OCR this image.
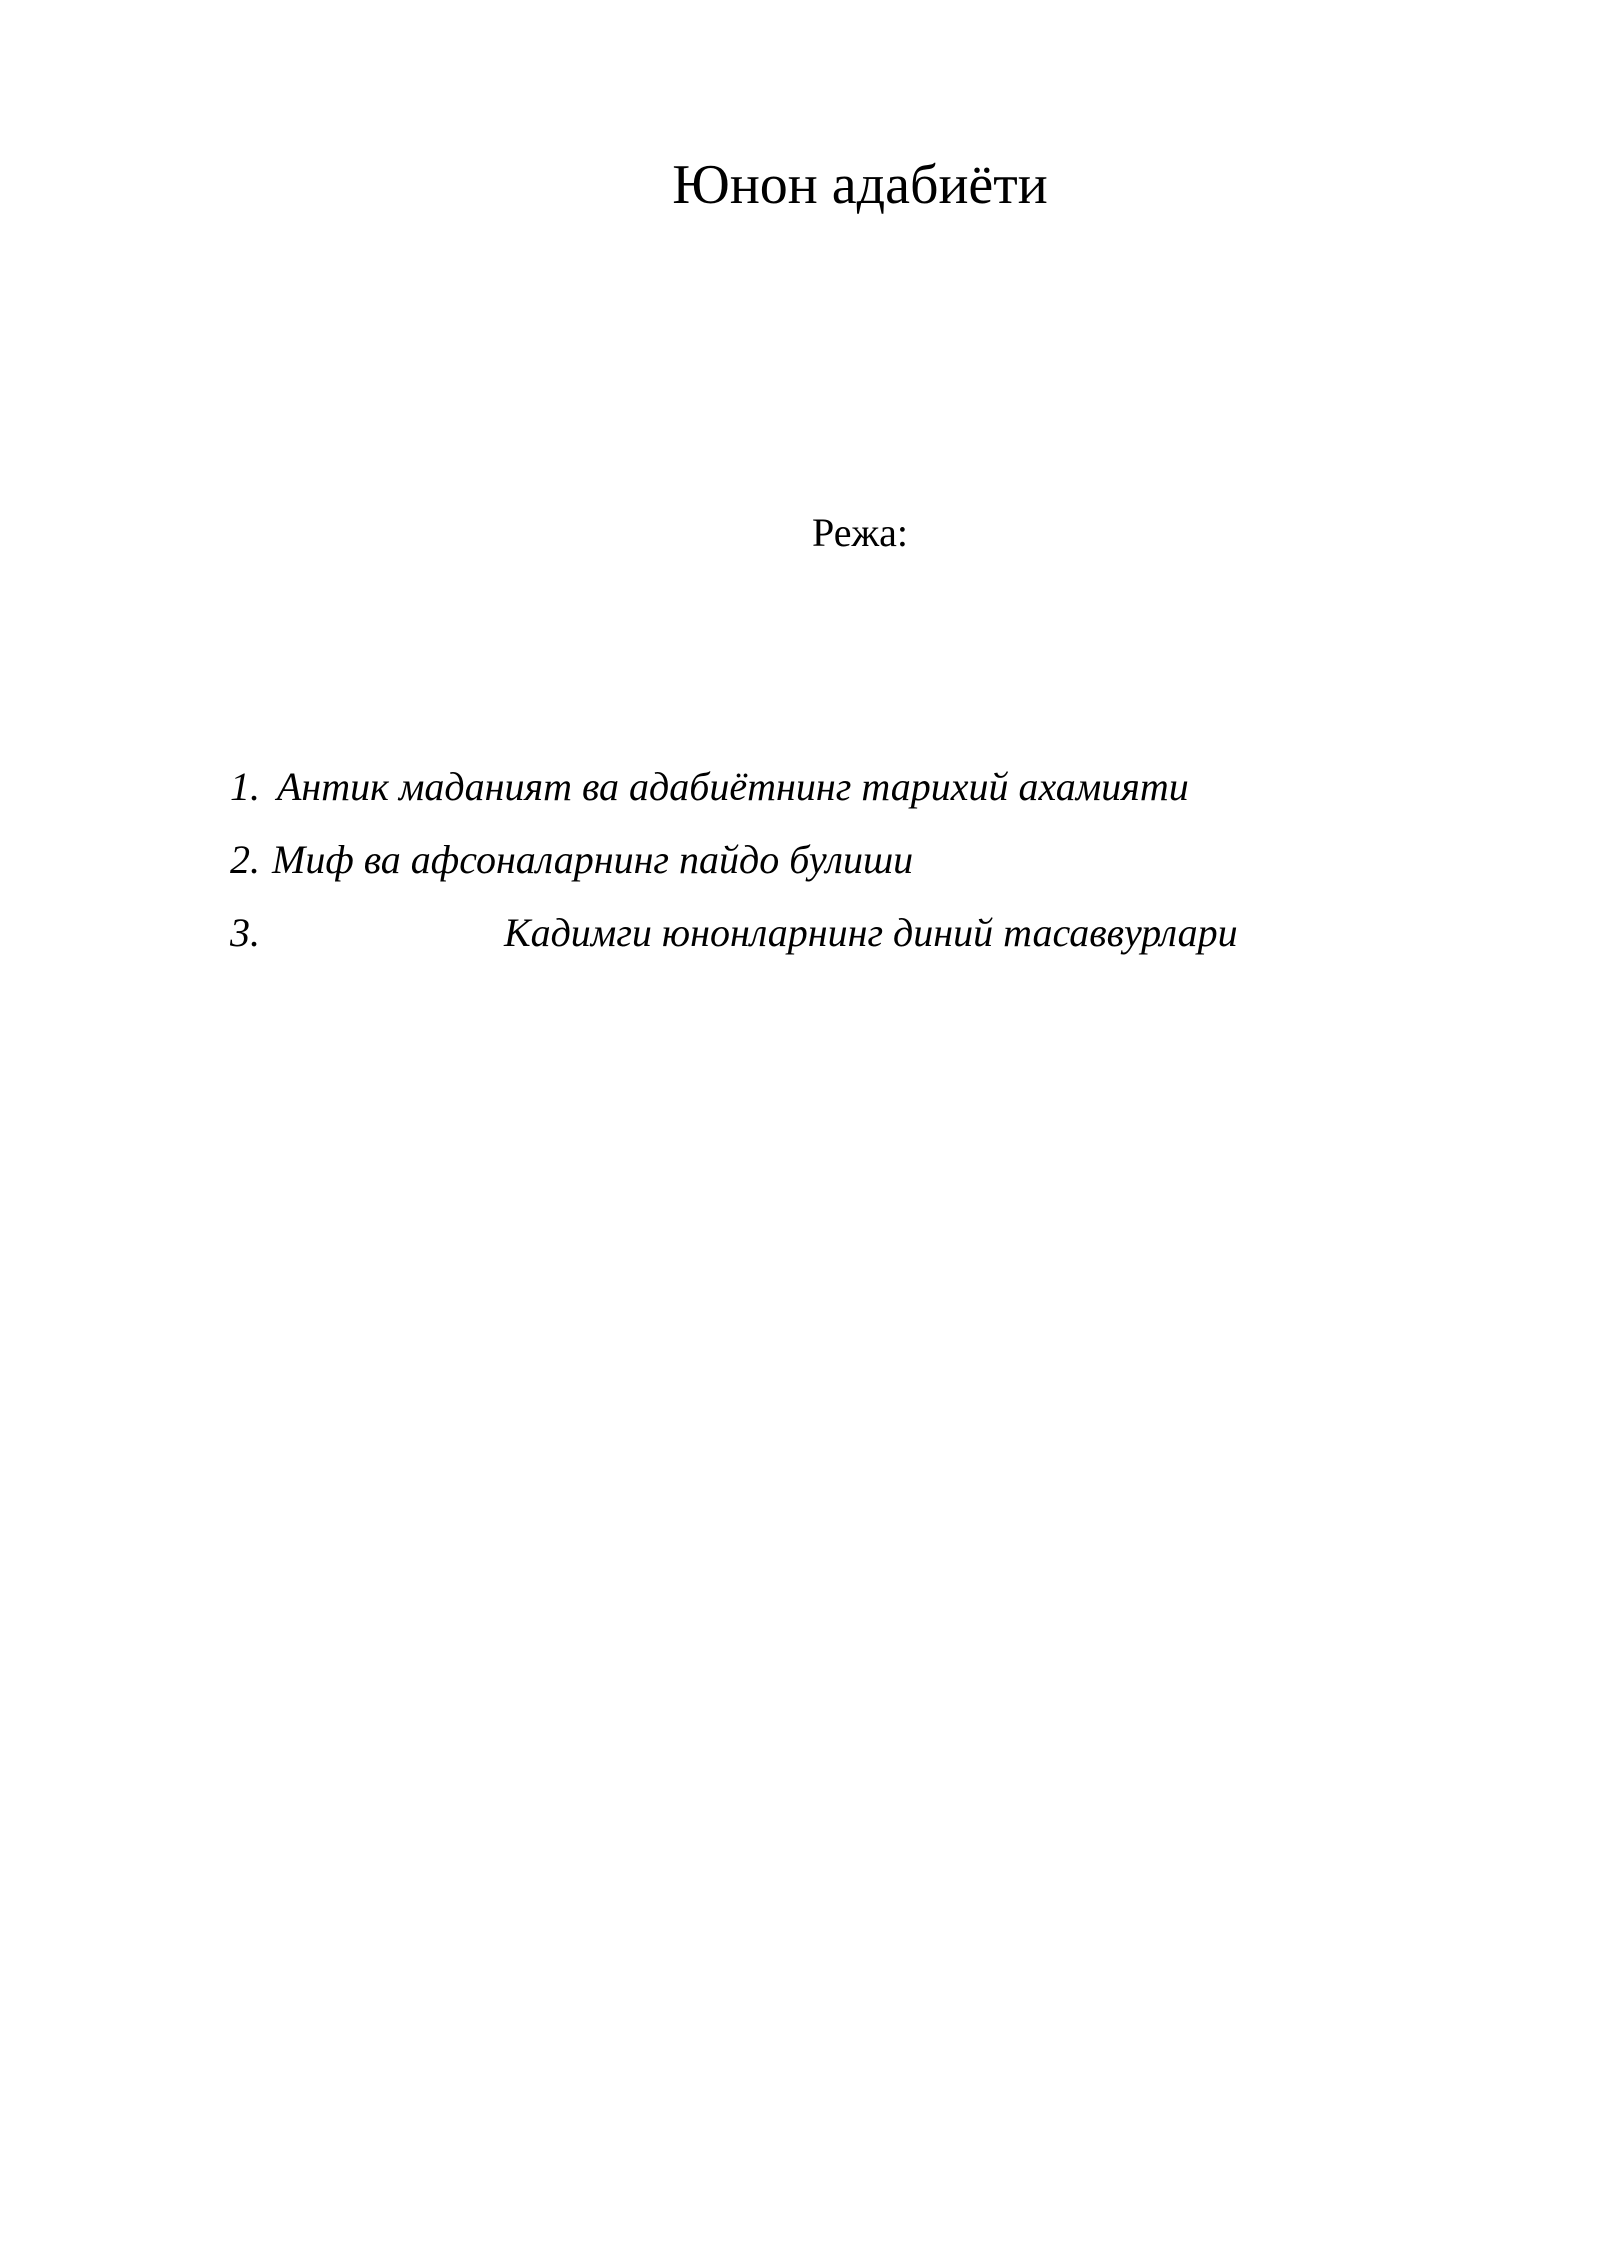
Юнон адабиёти

Режа:

1. Антик маданият ва адабиётнинг тарихий ахамияти
2. Миф ва афсоналарнинг пайдо булиши
3.	Кадимги юнонларнинг диний тасаввурлари
